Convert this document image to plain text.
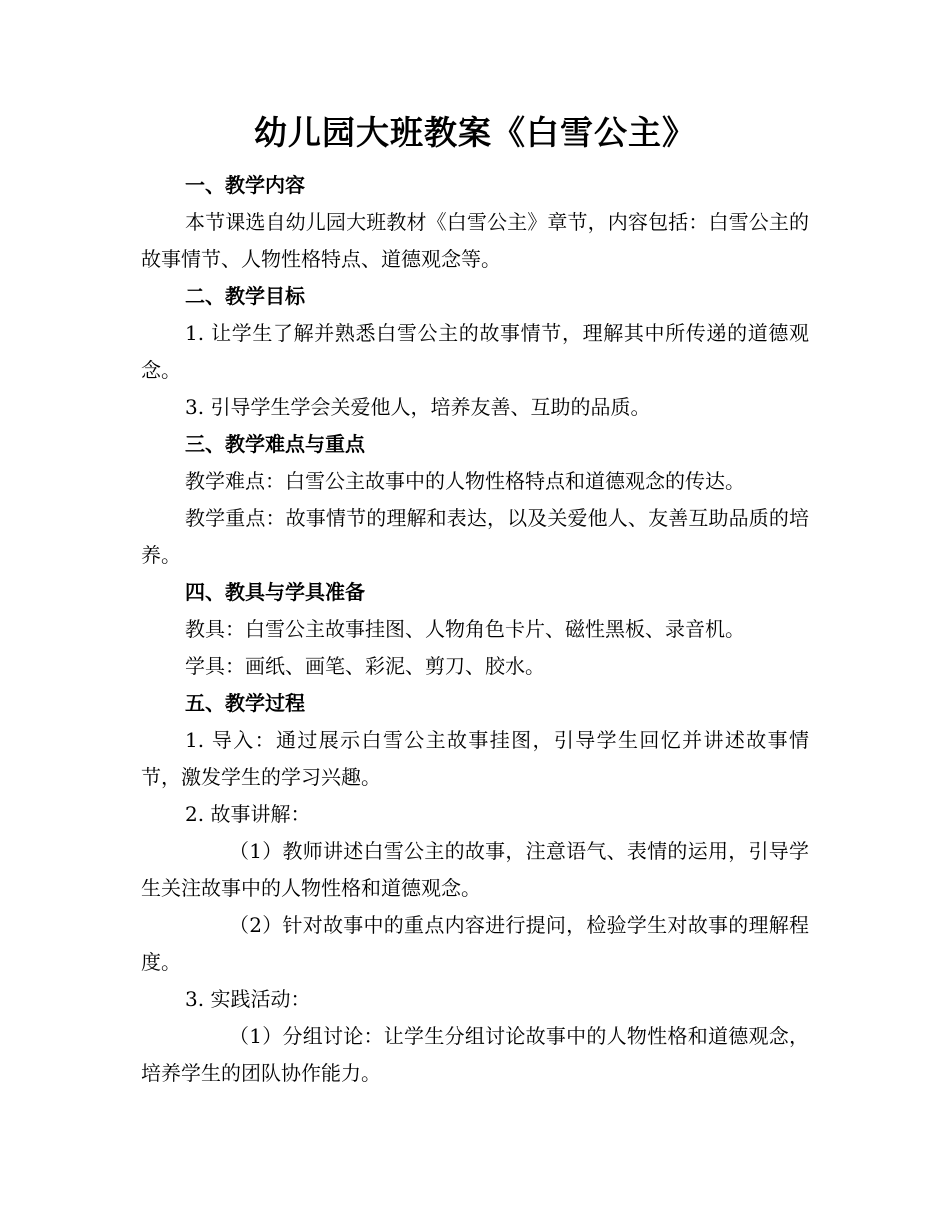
幼儿园大班教案《白雪公主》

一、教学内容

本节课选自幼儿园大班教材《白雪公主》章节，内容包括：白雪公主的故事情节、人物性格特点、道德观念等。

二、教学目标

1. 让学生了解并熟悉白雪公主的故事情节，理解其中所传递的道德观念。

3. 引导学生学会关爱他人，培养友善、互助的品质。

三、教学难点与重点

教学难点：白雪公主故事中的人物性格特点和道德观念的传达。

教学重点：故事情节的理解和表达，以及关爱他人、友善互助品质的培养。

四、教具与学具准备

教具：白雪公主故事挂图、人物角色卡片、磁性黑板、录音机。

学具：画纸、画笔、彩泥、剪刀、胶水。

五、教学过程

1. 导入：通过展示白雪公主故事挂图，引导学生回忆并讲述故事情节，激发学生的学习兴趣。

2. 故事讲解：

（1）教师讲述白雪公主的故事，注意语气、表情的运用，引导学生关注故事中的人物性格和道德观念。

（2）针对故事中的重点内容进行提问，检验学生对故事的理解程度。

3. 实践活动：

（1）分组讨论：让学生分组讨论故事中的人物性格和道德观念，培养学生的团队协作能力。
